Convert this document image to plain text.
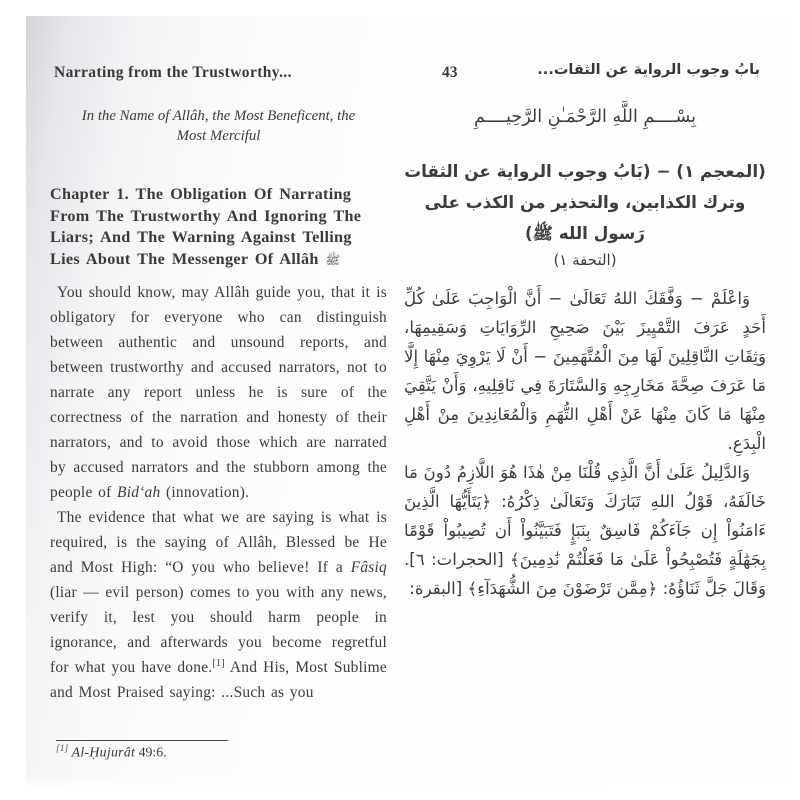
Narrating from the Trustworthy...	43	بابُ وجوب الرواية عن الثقات...
In the Name of Allâh, the Most Beneficent, the Most Merciful
Chapter 1. The Obligation Of Narrating From The Trustworthy And Ignoring The Liars; And The Warning Against Telling Lies About The Messenger Of Allâh ﷺ

You should know, may Allâh guide you, that it is obligatory for everyone who can distinguish between authentic and unsound reports, and between trustworthy and accused narrators, not to narrate any report unless he is sure of the correctness of the narration and honesty of their narrators, and to avoid those which are narrated by accused narrators and the stubborn among the people of Bid‘ah (innovation).

The evidence that what we are saying is what is required, is the saying of Allâh, Blessed be He and Most High: “O you who believe! If a Fâsiq (liar — evil person) comes to you with any news, verify it, lest you should harm people in ignorance, and afterwards you become regretful for what you have done.[1] And His, Most Sublime and Most Praised saying: ...Such as you

بِسْــــمِ اللَّهِ الرَّحْمَـٰنِ الرَّحِيــــمِ
(المعجم ١) − (بَابُ وجوب الرواية عن الثقات وترك الكذابين، والتحذير من الكذب على رَسول الله ﷺ)
(التحفة ١)

وَاعْلَمْ − وَفَّقَكَ اللهُ تَعَالَىٰ − أَنَّ الْوَاجِبَ عَلَىٰ كُلِّ أَحَدٍ عَرَفَ التَّمْيِيزَ بَيْنَ صَحِيحِ الرِّوَايَاتِ وَسَقِيمِهَا، وَثِقَاتِ النَّاقِلِينَ لَهَا مِنَ الْمُتَّهَمِينَ − أَنْ لَا يَرْوِيَ مِنْهَا إِلَّا مَا عَرَفَ صِحَّةَ مَخَارِجِهِ وَالسَّتَارَةَ فِي نَاقِلِيهِ، وَأَنْ يَتَّقِيَ مِنْهَا مَا كَانَ مِنْهَا عَنْ أَهْلِ التُّهَمِ وَالْمُعَانِدِينَ مِنْ أَهْلِ الْبِدَعِ.

وَالدَّلِيلُ عَلَىٰ أَنَّ الَّذِي قُلْنَا مِنْ هٰذَا هُوَ اللَّازِمُ دُونَ مَا خَالَفَهُ، قَوْلُ اللهِ تَبَارَكَ وَتَعَالَىٰ ذِكْرُهُ: ﴿يَتَأَيُّهَا الَّذِينَ ءَامَنُواْ إِن جَآءَكُمْ فَاسِقٌ بِنَبَإٍ فَتَبَيَّنُواْ أَن تُصِيبُواْ قَوْمًا بِجَهَٰلَةٍ فَتُصْبِحُواْ عَلَىٰ مَا فَعَلْتُمْ نَٰدِمِينَ﴾ [الحجرات: ٦]. وَقَالَ جَلَّ ثَنَاؤُهُ: ﴿مِمَّن تَرْضَوْنَ مِنَ الشُّهَدَآءِ﴾ [البقرة:

[1] Al-Ḥujurât 49:6.
